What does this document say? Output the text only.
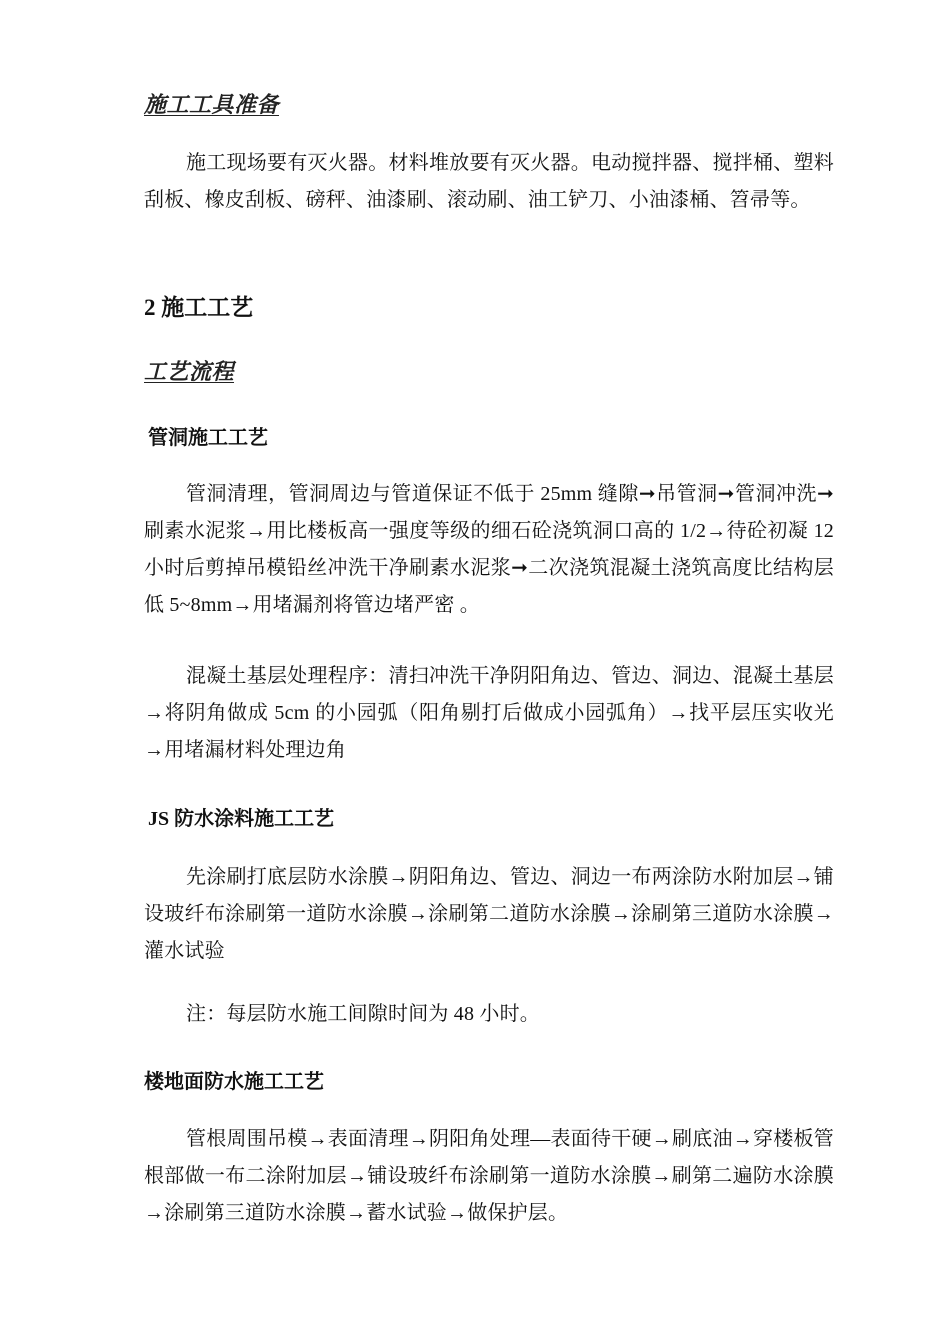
施工工具准备
施工现场要有灭火器。材料堆放要有灭火器。电动搅拌器、搅拌桶、塑料刮板、橡皮刮板、磅秤、油漆刷、滚动刷、油工铲刀、小油漆桶、笤帚等。
2 施工工艺
工艺流程
管洞施工工艺
管洞清理，管洞周边与管道保证不低于 25mm 缝隙➞吊管洞➞管洞冲洗➞刷素水泥浆→用比楼板高一强度等级的细石砼浇筑洞口高的 1/2→待砼初凝 12 小时后剪掉吊模铅丝冲洗干净刷素水泥浆➞二次浇筑混凝土浇筑高度比结构层低 5~8mm→用堵漏剂将管边堵严密 。
混凝土基层处理程序：清扫冲洗干净阴阳角边、管边、洞边、混凝土基层→将阴角做成 5cm 的小园弧（阳角剔打后做成小园弧角）→找平层压实收光→用堵漏材料处理边角
JS 防水涂料施工工艺
先涂刷打底层防水涂膜→阴阳角边、管边、洞边一布两涂防水附加层→铺设玻纤布涂刷第一道防水涂膜→涂刷第二道防水涂膜→涂刷第三道防水涂膜→灌水试验
注：每层防水施工间隙时间为 48 小时。
楼地面防水施工工艺
管根周围吊模→表面清理→阴阳角处理—表面待干硬→刷底油→穿楼板管根部做一布二涂附加层→铺设玻纤布涂刷第一道防水涂膜→刷第二遍防水涂膜→涂刷第三道防水涂膜→蓄水试验→做保护层。
